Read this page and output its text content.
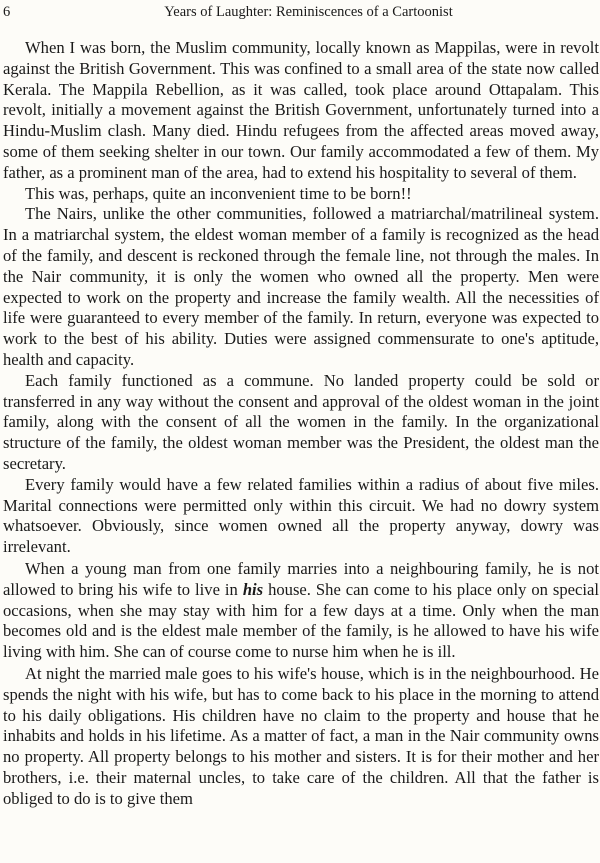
6	Years of Laughter: Reminiscences of a Cartoonist

When I was born, the Muslim community, locally known as Mappilas, were in revolt against the British Government. This was confined to a small area of the state now called Kerala. The Mappila Rebellion, as it was called, took place around Ottapalam. This revolt, initially a movement against the British Government, unfortunately turned into a Hindu-Muslim clash. Many died. Hindu refugees from the affected areas moved away, some of them seeking shelter in our town. Our family accommodated a few of them. My father, as a prominent man of the area, had to extend his hospitality to several of them.

This was, perhaps, quite an inconvenient time to be born!!

The Nairs, unlike the other communities, followed a matriarchal/matrilineal system. In a matriarchal system, the eldest woman member of a family is recognized as the head of the family, and descent is reckoned through the female line, not through the males. In the Nair community, it is only the women who owned all the property. Men were expected to work on the property and increase the family wealth. All the necessities of life were guaranteed to every member of the family. In return, everyone was expected to work to the best of his ability. Duties were assigned commensurate to one's aptitude, health and capacity.

Each family functioned as a commune. No landed property could be sold or transferred in any way without the consent and approval of the oldest woman in the joint family, along with the consent of all the women in the family. In the organizational structure of the family, the oldest woman member was the President, the oldest man the secretary.

Every family would have a few related families within a radius of about five miles. Marital connections were permitted only within this circuit. We had no dowry system whatsoever. Obviously, since women owned all the property anyway, dowry was irrelevant.

When a young man from one family marries into a neighbouring family, he is not allowed to bring his wife to live in his house. She can come to his place only on special occasions, when she may stay with him for a few days at a time. Only when the man becomes old and is the eldest male member of the family, is he allowed to have his wife living with him. She can of course come to nurse him when he is ill.

At night the married male goes to his wife's house, which is in the neighbourhood. He spends the night with his wife, but has to come back to his place in the morning to attend to his daily obligations. His children have no claim to the property and house that he inhabits and holds in his lifetime. As a matter of fact, a man in the Nair community owns no property. All property belongs to his mother and sisters. It is for their mother and her brothers, i.e. their maternal uncles, to take care of the children. All that the father is obliged to do is to give them
